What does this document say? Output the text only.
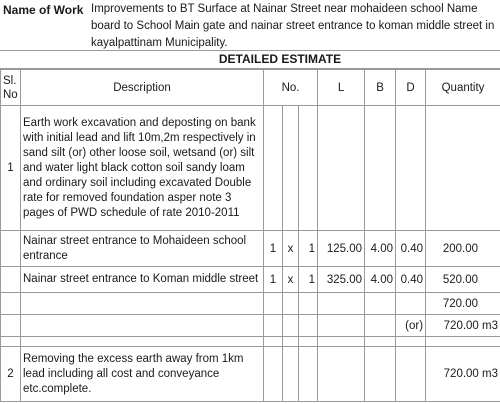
Name of Work Improvements to BT Surface at Nainar Street near mohaideen school Name board to School Main gate and nainar street entrance to koman middle street in kayalpattinam Municipality.
DETAILED ESTIMATE
Sl. No	Description	No.			L	B	D	Quantity
1	Earth work excavation and deposting on bank with initial lead and lift 10m,2m respectively in sand silt (or) other loose soil, wetsand (or) silt and water light black cotton soil sandy loam and ordinary soil including excavated Double rate for removed foundation asper note 3 pages of PWD schedule of rate 2010-2011							
	Nainar street entrance to Mohaideen school entrance	1	x	1	125.00	4.00	0.40	200.00
	Nainar street entrance to Koman middle street	1	x	1	325.00	4.00	0.40	520.00
								720.00
							(or)	720.00 m3

2	Removing the excess earth away from 1km lead including all cost and conveyance etc.complete.							720.00 m3
